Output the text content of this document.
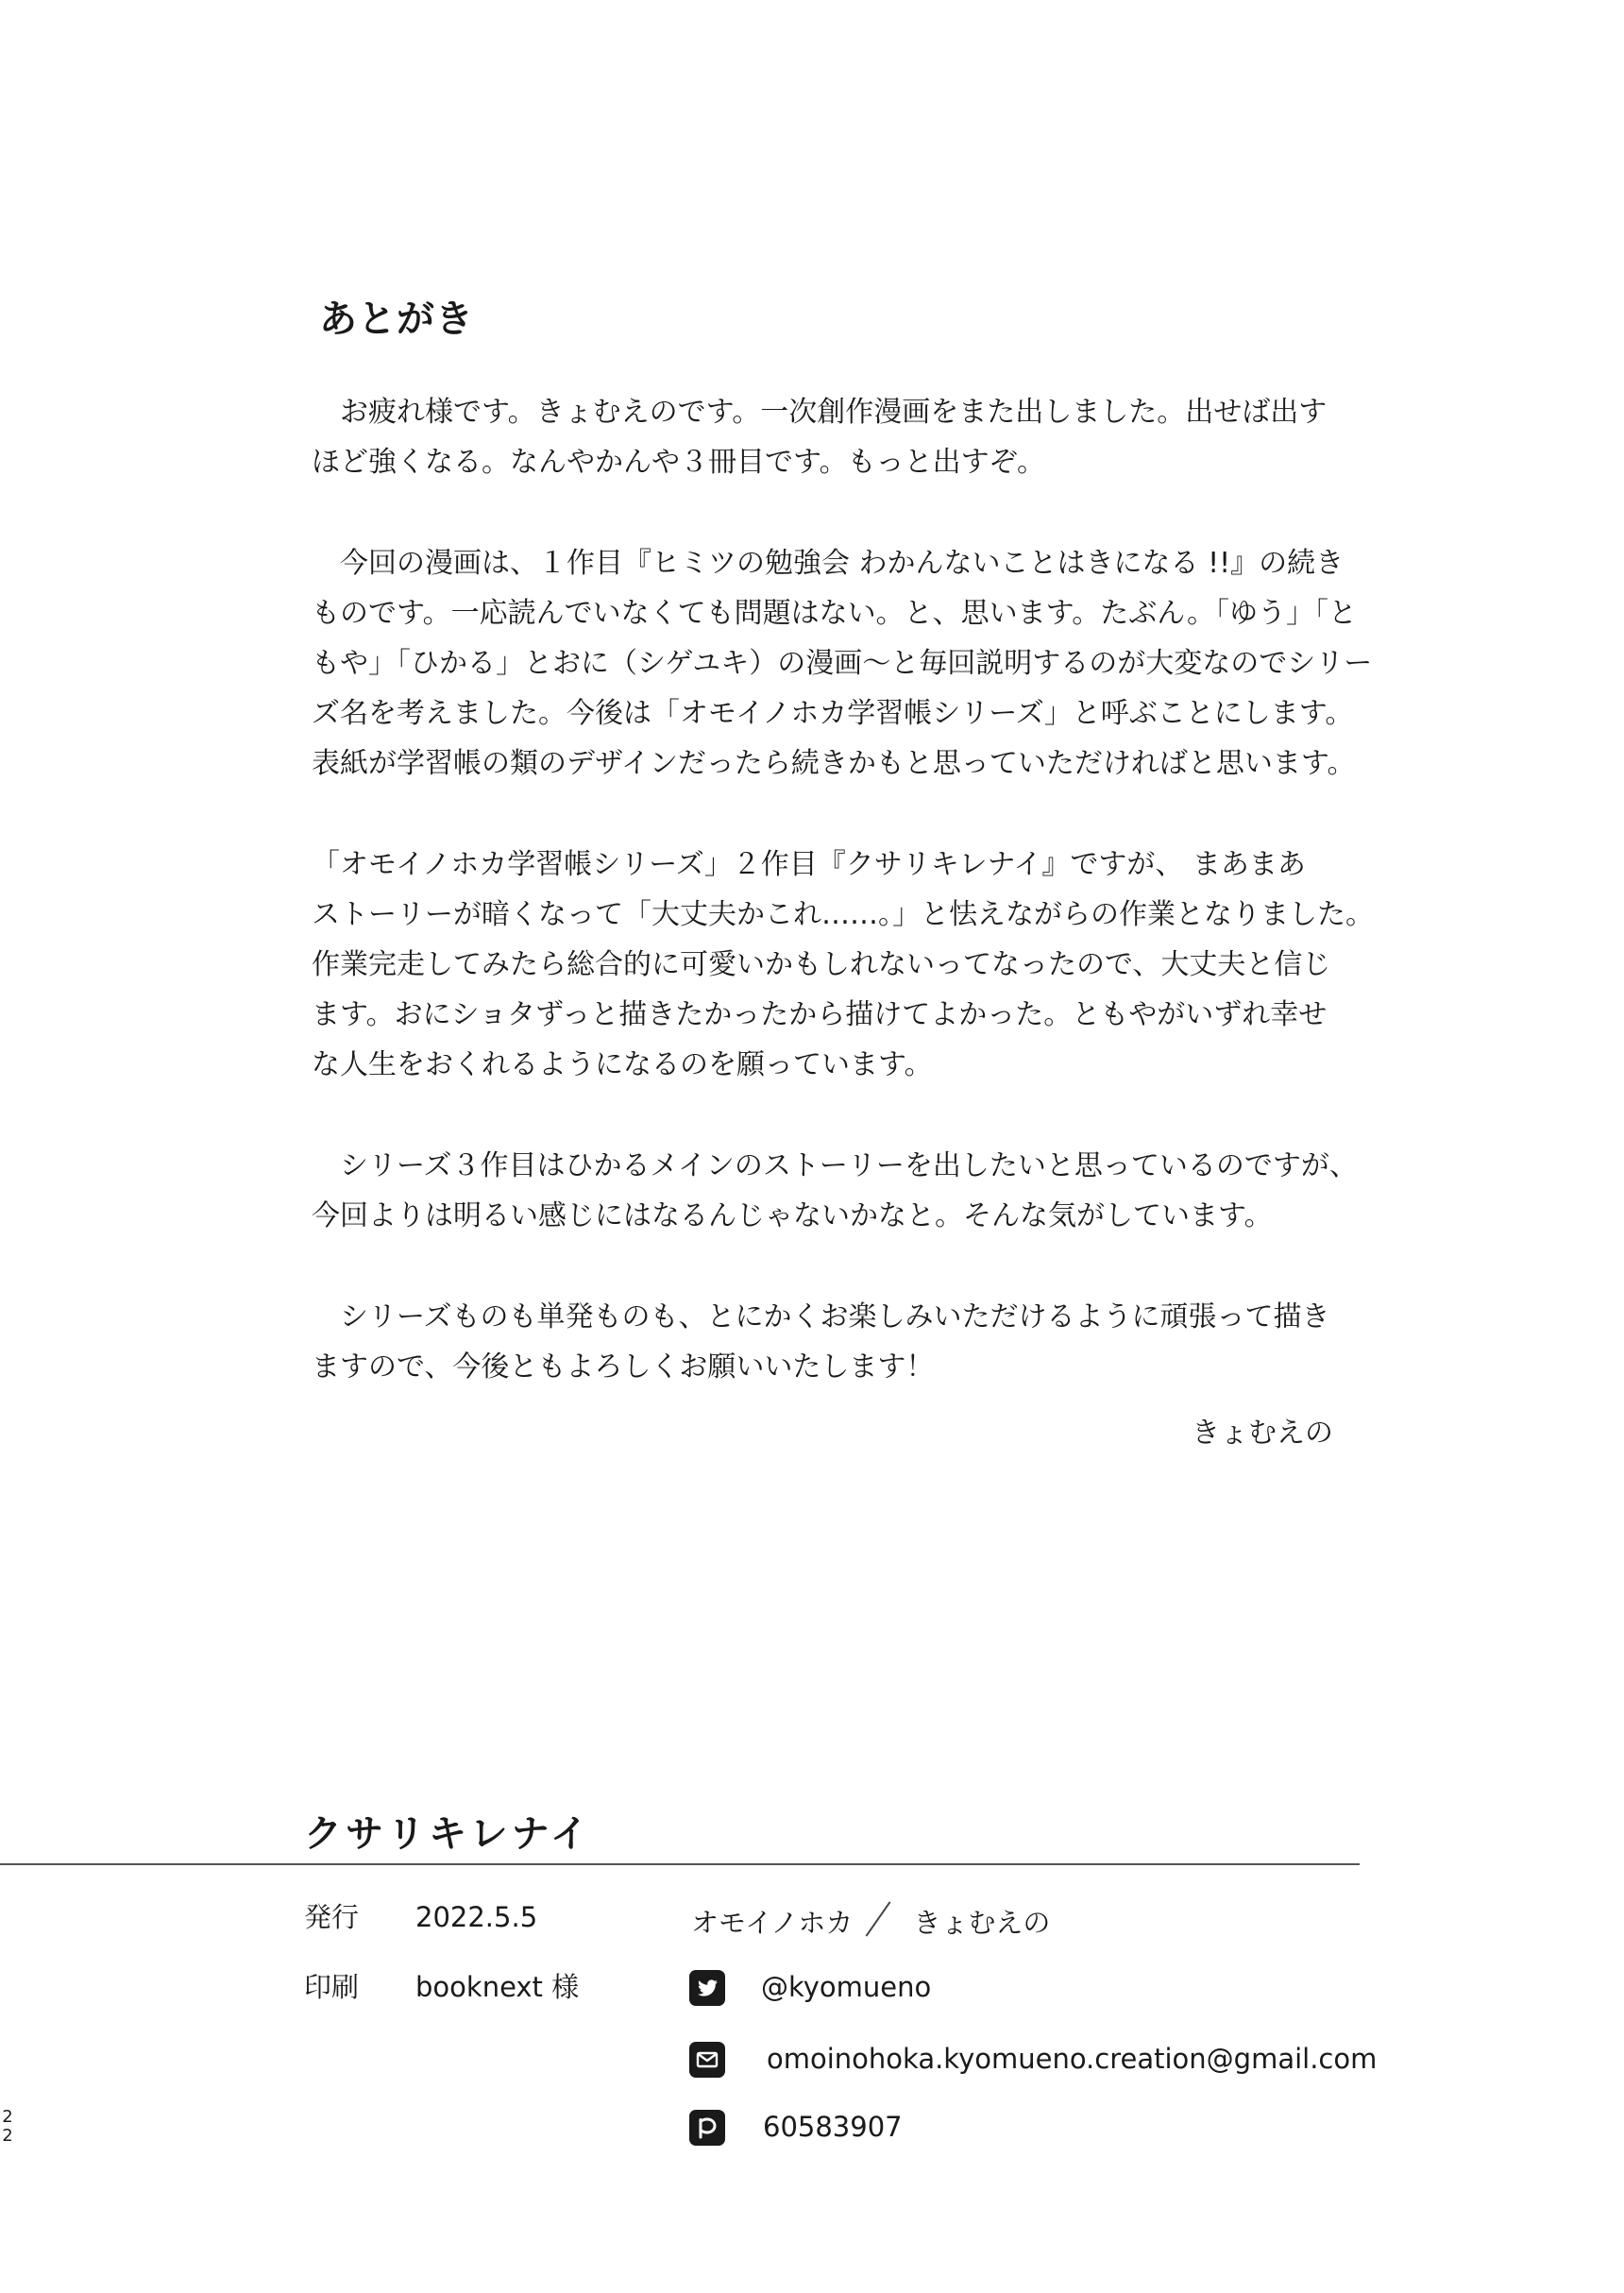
あとがき

　お疲れ様です。きょむえのです。一次創作漫画をまた出しました。出せば出す
ほど強くなる。なんやかんや３冊目です。もっと出すぞ。

　今回の漫画は、１作目『ヒミツの勉強会 わかんないことはきになる !!』の続き
ものです。一応読んでいなくても問題はない。と、思います。たぶん。「ゆう」「と
もや」「ひかる」とおに（シゲユキ）の漫画〜と毎回説明するのが大変なのでシリー
ズ名を考えました。今後は「オモイノホカ学習帳シリーズ」と呼ぶことにします。
表紙が学習帳の類のデザインだったら続きかもと思っていただければと思います。

「オモイノホカ学習帳シリーズ」２作目『クサリキレナイ』ですが、 まあまあ
ストーリーが暗くなって「大丈夫かこれ……。」と怯えながらの作業となりました。
作業完走してみたら総合的に可愛いかもしれないってなったので、大丈夫と信じ
ます。おにショタずっと描きたかったから描けてよかった。ともやがいずれ幸せ
な人生をおくれるようになるのを願っています。

　シリーズ３作目はひかるメインのストーリーを出したいと思っているのですが、
今回よりは明るい感じにはなるんじゃないかなと。そんな気がしています。

　シリーズものも単発ものも、とにかくお楽しみいただけるように頑張って描き
ますので、今後ともよろしくお願いいたします！

きょむえの
クサリキレナイ
発行 2022.5.5
印刷 booknext 様
オモイノホカ きょむえの
@kyomueno
omoinohoka.kyomueno.creation@gmail.com
60583907
2
2
